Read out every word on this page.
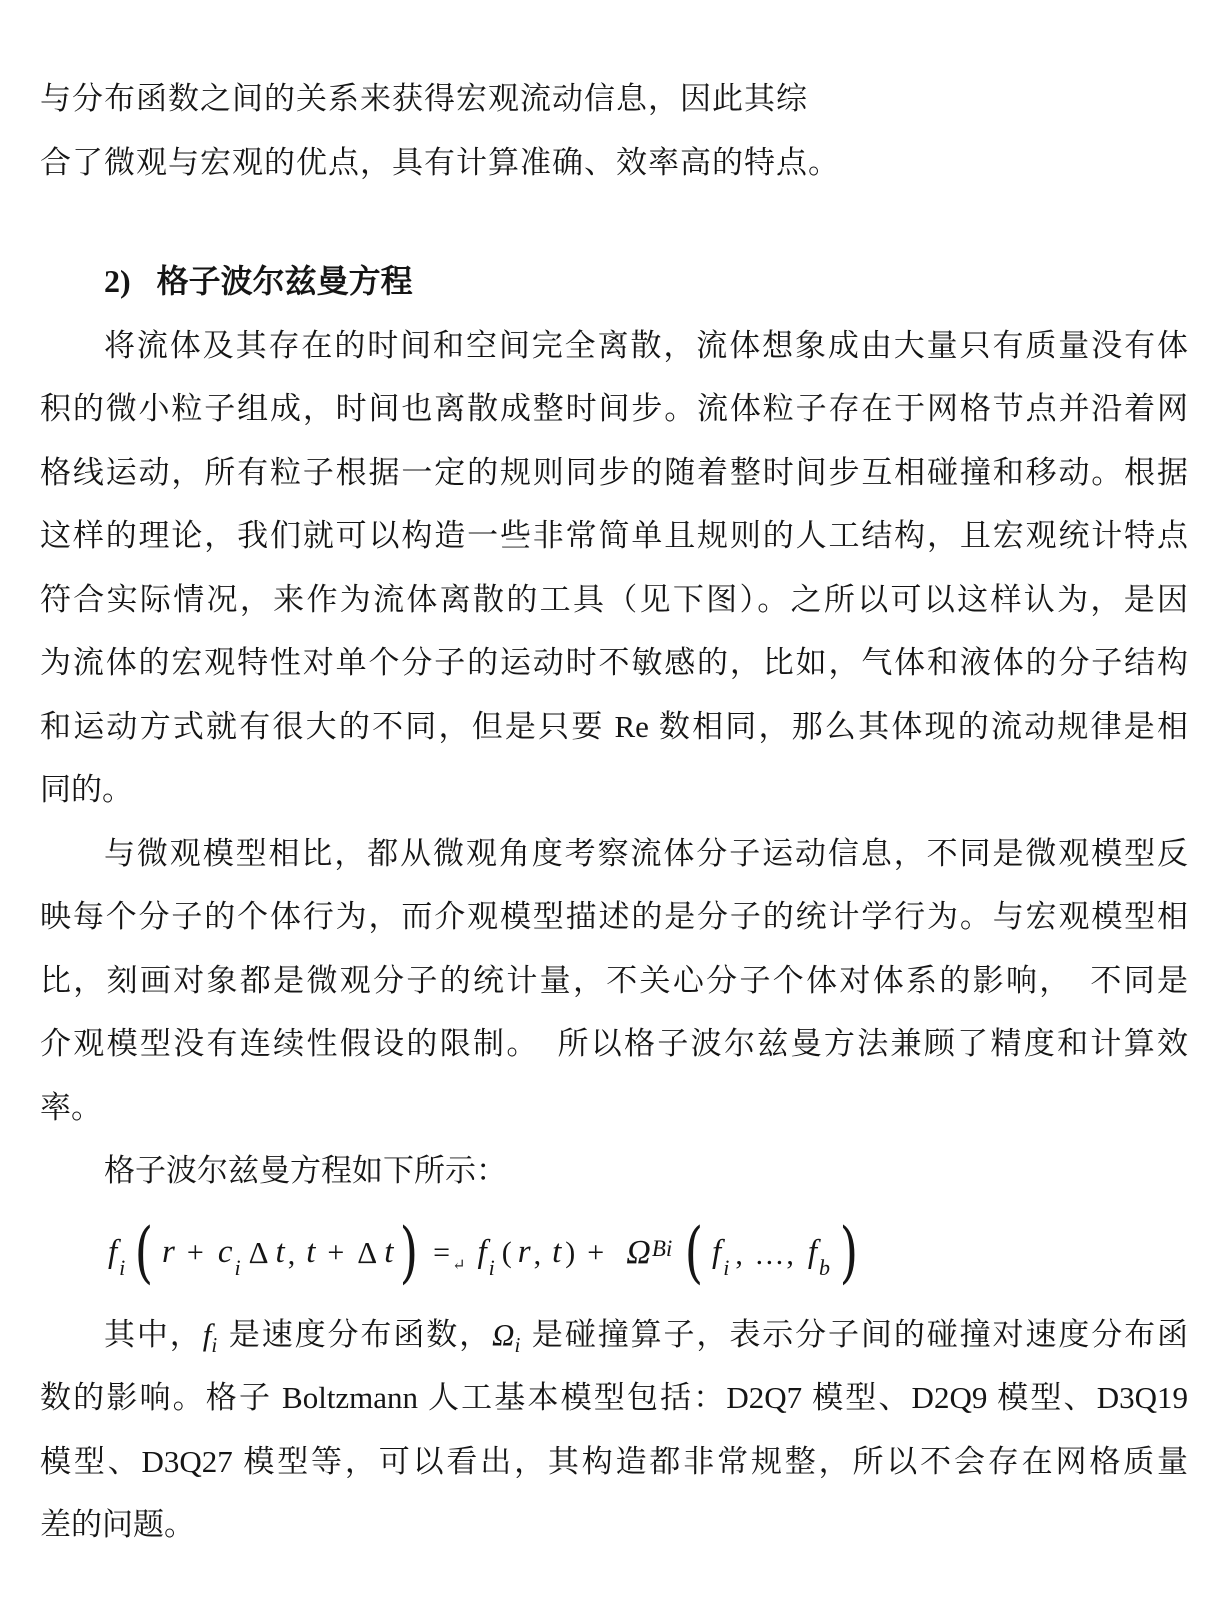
与分布函数之间的关系来获得宏观流动信息，因此其综
合了微观与宏观的优点，具有计算准确、效率高的特点。
2) 格子波尔兹曼方程
将流体及其存在的时间和空间完全离散，流体想象成由大量只有质量没有体
积的微小粒子组成，时间也离散成整时间步。流体粒子存在于网格节点并沿着网
格线运动，所有粒子根据一定的规则同步的随着整时间步互相碰撞和移动。根据
这样的理论，我们就可以构造一些非常简单且规则的人工结构，且宏观统计特点
符合实际情况，来作为流体离散的工具（见下图）。之所以可以这样认为，是因
为流体的宏观特性对单个分子的运动时不敏感的，比如，气体和液体的分子结构
和运动方式就有很大的不同，但是只要 Re 数相同，那么其体现的流动规律是相
同的。
与微观模型相比，都从微观角度考察流体分子运动信息，不同是微观模型反
映每个分子的个体行为，而介观模型描述的是分子的统计学行为。与宏观模型相
比，刻画对象都是微观分子的统计量，不关心分子个体对体系的影响，　不同是
介观模型没有连续性假设的限制。　所以格子波尔兹曼方法兼顾了精度和计算效
率。
格子波尔兹曼方程如下所示：
f i ( r + c i Δ t , t + Δ t ) = ↵ f i ( r , t ) + Ω Bi ( f i , …, f b )
其中，$f_i$ 是速度分布函数，$\Omega_i$ 是碰撞算子，表示分子间的碰撞对速度分布函
数的影响。格子 Boltzmann 人工基本模型包括：D2Q7 模型、D2Q9 模型、D3Q19
模型、D3Q27 模型等，可以看出，其构造都非常规整，所以不会存在网格质量
差的问题。
